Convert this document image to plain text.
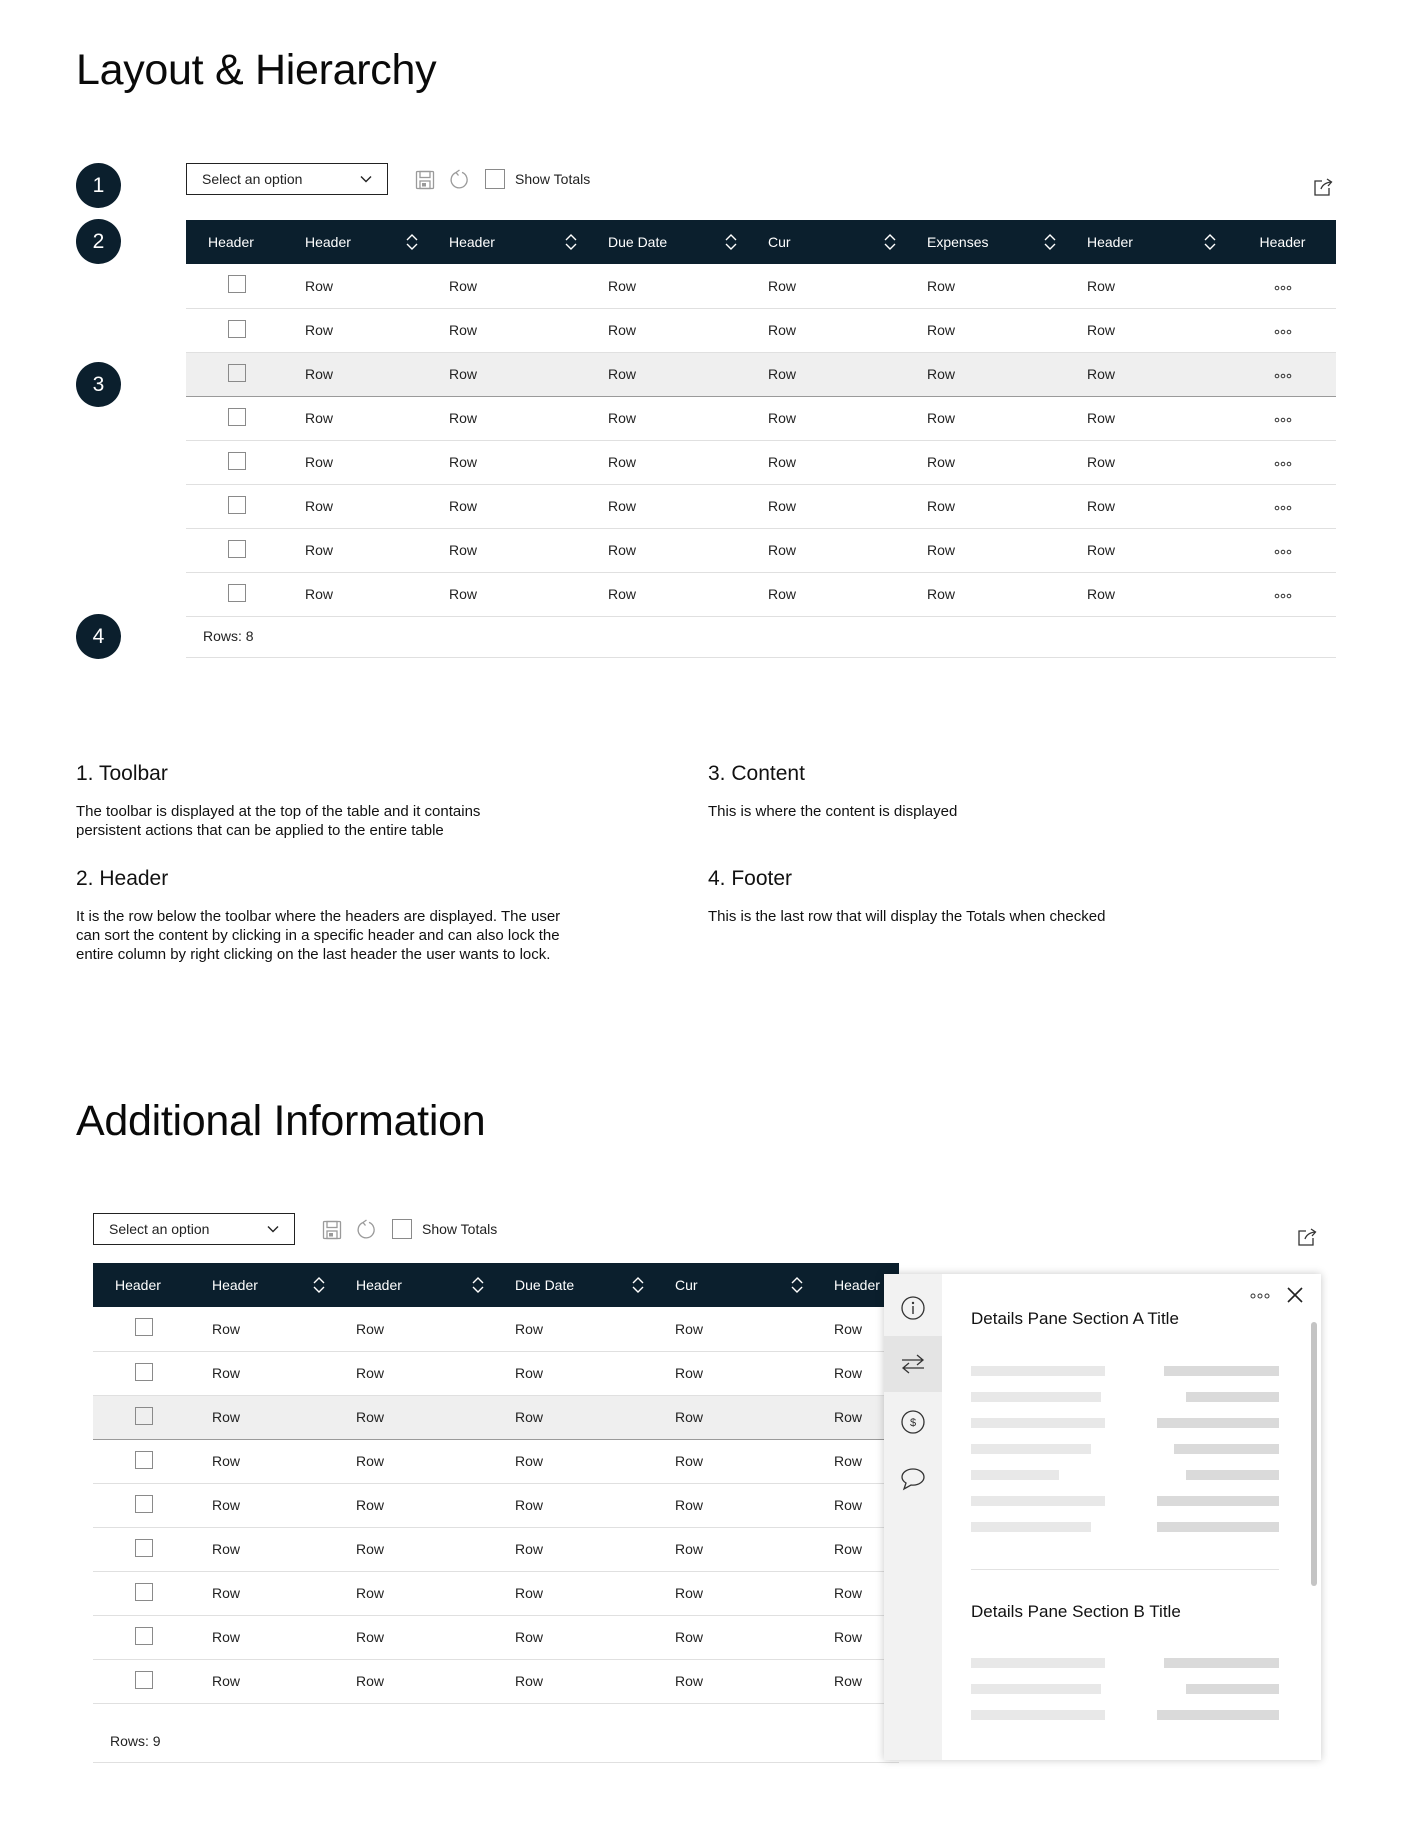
Layout & Hierarchy
1
2
3
4
Select an option	Show Totals
Header	Header	Header	Due Date	Cur	Expenses	Header	Header
	Row	Row	Row	Row	Row	Row	
	Row	Row	Row	Row	Row	Row	
	Row	Row	Row	Row	Row	Row	
	Row	Row	Row	Row	Row	Row	
	Row	Row	Row	Row	Row	Row	
	Row	Row	Row	Row	Row	Row	
	Row	Row	Row	Row	Row	Row	
	Row	Row	Row	Row	Row	Row	
Rows: 8
1. Toolbar

The toolbar is displayed at the top of the table and it contains persistent actions that can be applied to the entire table

2. Header

It is the row below the toolbar where the headers are displayed. The user can sort the content by clicking in a specific header and can also lock the entire column by right clicking on the last header the user wants to lock.

3. Content

This is where the content is displayed

4. Footer

This is the last row that will display the Totals when checked

Additional Information
Select an option	Show Totals
Header	Header	Header	Due Date	Cur	Header
	Row	Row	Row	Row	Row
	Row	Row	Row	Row	Row
	Row	Row	Row	Row	Row
	Row	Row	Row	Row	Row
	Row	Row	Row	Row	Row
	Row	Row	Row	Row	Row
	Row	Row	Row	Row	Row
	Row	Row	Row	Row	Row
	Row	Row	Row	Row	Row
Rows: 9
$
Details Pane Section A Title
Details Pane Section B Title
